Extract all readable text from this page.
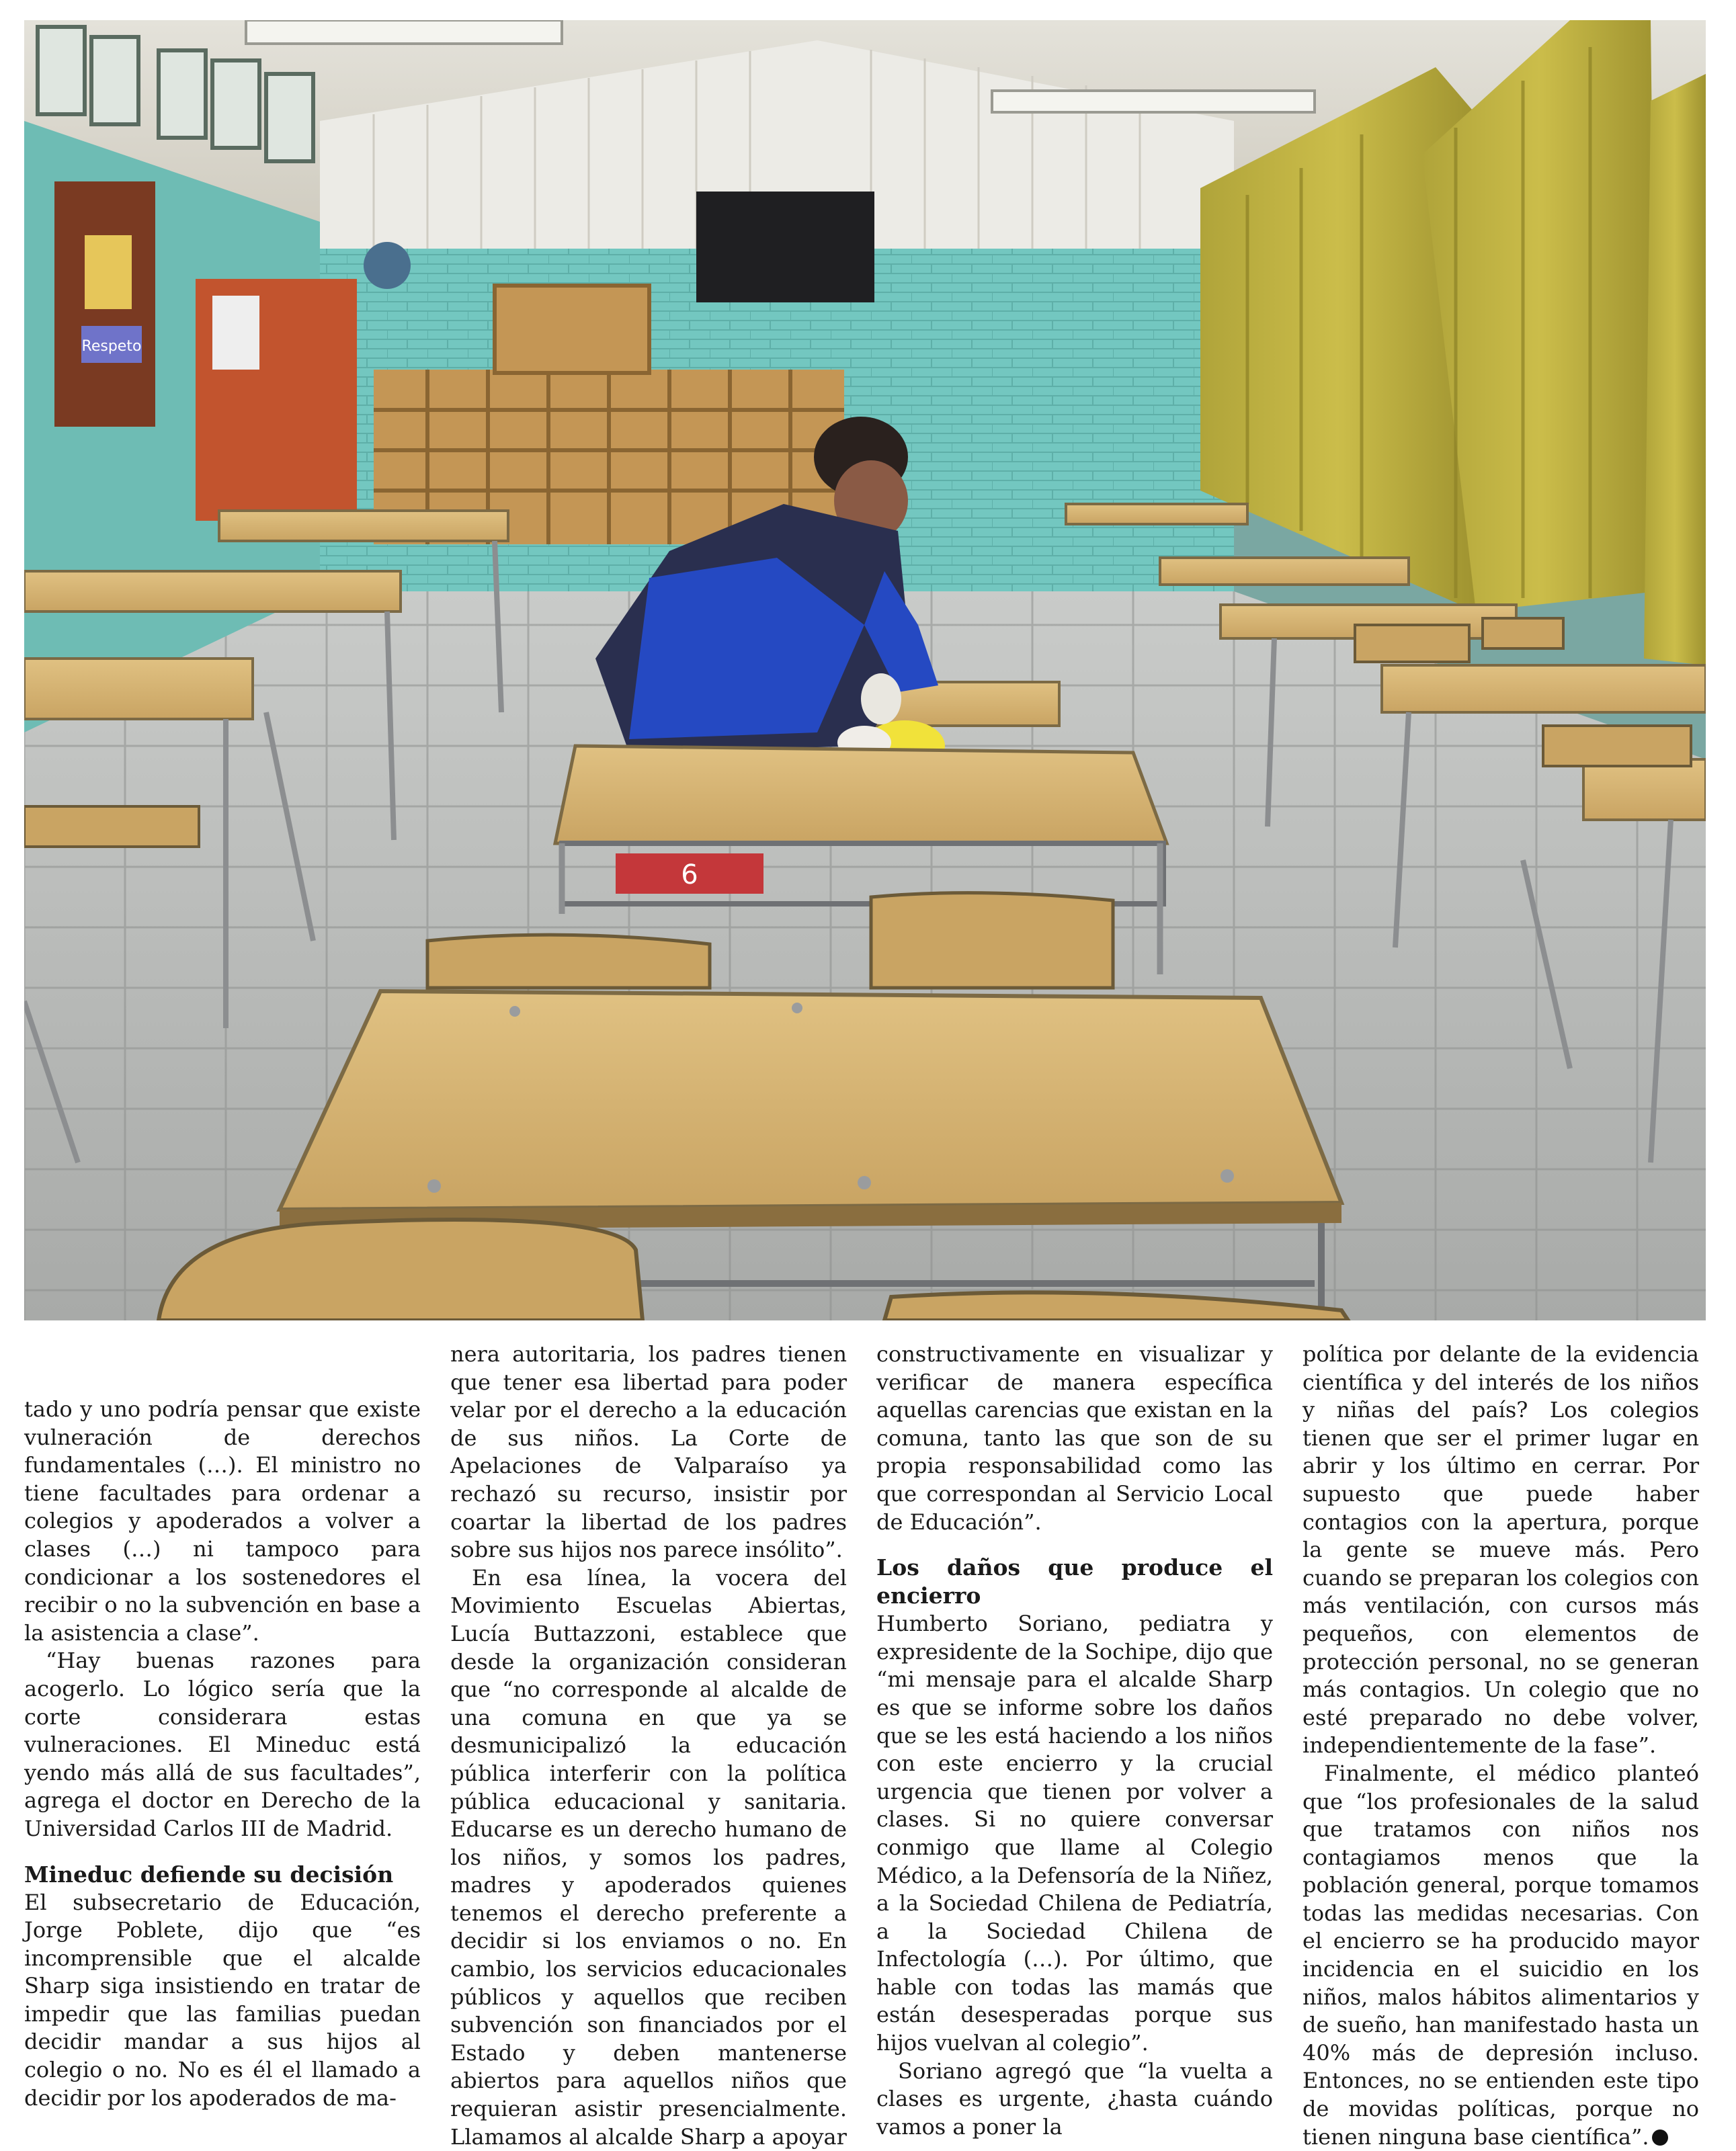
Respeto
6

tado y uno podría pensar que existe vulneración de derechos fundamentales (…). El ministro no tiene facultades para ordenar a colegios y apoderados a volver a clases (…) ni tampoco para condicionar a los sostenedores el recibir o no la subvención en base a la asistencia a clase”.

“Hay buenas razones para acogerlo. Lo lógico sería que la corte considerara estas vulneraciones. El Mineduc está yendo más allá de sus facultades”, agrega el doctor en Derecho de la Universidad Carlos III de Madrid.

Mineduc defiende su decisión

El subsecretario de Educación, Jorge Poblete, dijo que “es incomprensible que el alcalde Sharp siga insistiendo en tratar de impedir que las familias puedan decidir mandar a sus hijos al colegio o no. No es él el llamado a decidir por los apoderados de ma-

nera autoritaria, los padres tienen que tener esa libertad para poder velar por el derecho a la educación de sus niños. La Corte de Apelaciones de Valparaíso ya rechazó su recurso, insistir por coartar la libertad de los padres sobre sus hijos nos parece insólito”.

En esa línea, la vocera del Movimiento Escuelas Abiertas, Lucía Buttazzoni, establece que desde la organización consideran que “no corresponde al alcalde de una comuna en que ya se desmunicipalizó la educación pública interferir con la política pública educacional y sanitaria. Educarse es un derecho humano de los niños, y somos los padres, madres y apoderados quienes tenemos el derecho preferente a decidir si los enviamos o no. En cambio, los servicios educacionales públicos y aquellos que reciben subvención son financiados por el Estado y deben mantenerse abiertos para aquellos niños que requieran asistir presencialmente. Llamamos al alcalde Sharp a apoyar

constructivamente en visualizar y verificar de manera específica aquellas carencias que existan en la comuna, tanto las que son de su propia responsabilidad como las que correspondan al Servicio Local de Educación”.

Los daños que produce el encierro

Humberto Soriano, pediatra y expresidente de la Sochipe, dijo que “mi mensaje para el alcalde Sharp es que se informe sobre los daños que se les está haciendo a los niños con este encierro y la crucial urgencia que tienen por volver a clases. Si no quiere conversar conmigo que llame al Colegio Médico, a la Defensoría de la Niñez, a la Sociedad Chilena de Pediatría, a la Sociedad Chilena de Infectología (…). Por último, que hable con todas las mamás que están desesperadas porque sus hijos vuelvan al colegio”.

Soriano agregó que “la vuelta a clases es urgente, ¿hasta cuándo vamos a poner la

política por delante de la evidencia científica y del interés de los niños y niñas del país? Los colegios tienen que ser el primer lugar en abrir y los último en cerrar. Por supuesto que puede haber contagios con la apertura, porque la gente se mueve más. Pero cuando se preparan los colegios con más ventilación, con cursos más pequeños, con elementos de protección personal, no se generan más contagios. Un colegio que no esté preparado no debe volver, independientemente de la fase”.

Finalmente, el médico planteó que “los profesionales de la salud que tratamos con niños nos contagiamos menos que la población general, porque tomamos todas las medidas necesarias. Con el encierro se ha producido mayor incidencia en el suicidio en los niños, malos hábitos alimentarios y de sueño, han manifestado hasta un 40% más de depresión incluso. Entonces, no se entienden este tipo de movidas políticas, porque no tienen ninguna base científica”.
